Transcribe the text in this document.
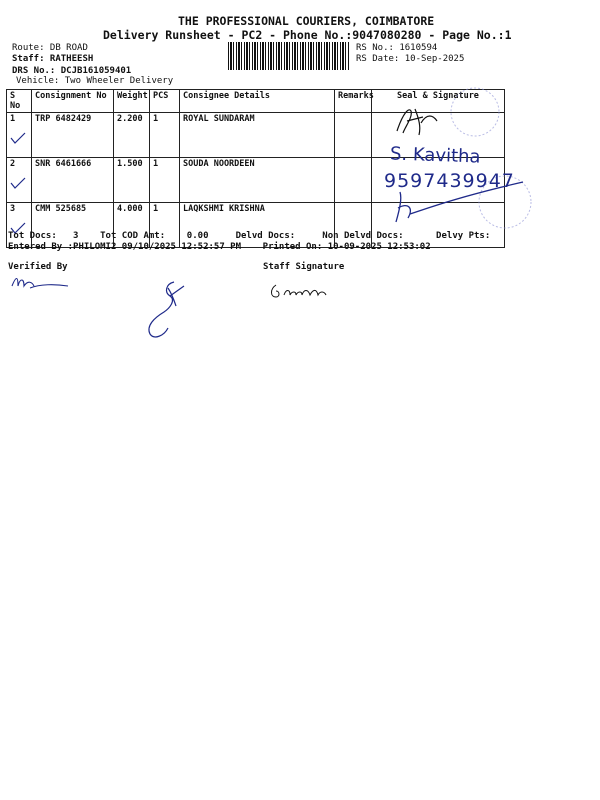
THE PROFESSIONAL COURIERS, COIMBATORE
Delivery Runsheet - PC2 - Phone No.:9047080280 - Page No.:1
Route: DB ROAD
Staff: RATHEESH
DRS No.: DCJB161059401
Vehicle: Two Wheeler Delivery
RS No.: 1610594
RS Date: 10-Sep-2025
S No	Consignment No	Weight	PCS	Consignee Details	Remarks	Seal & Signature
1	TRP 6482429	2.200	1	ROYAL SUNDARAM		
2	SNR 6461666	1.500	1	SOUDA NOORDEEN		
3	CMM 525685	4.000	1	LAQKSHMI KRISHNA		
S. Kavitha
9597439947
Tot Docs:   3    Tot COD Amt:    0.00     Delvd Docs:     Non Delvd Docs:      Delvy Pts:
Entered By :PHILOMI2 09/10/2025 12:52:57 PM    Printed On: 10-09-2025 12:53:02
Verified By	Staff Signature
